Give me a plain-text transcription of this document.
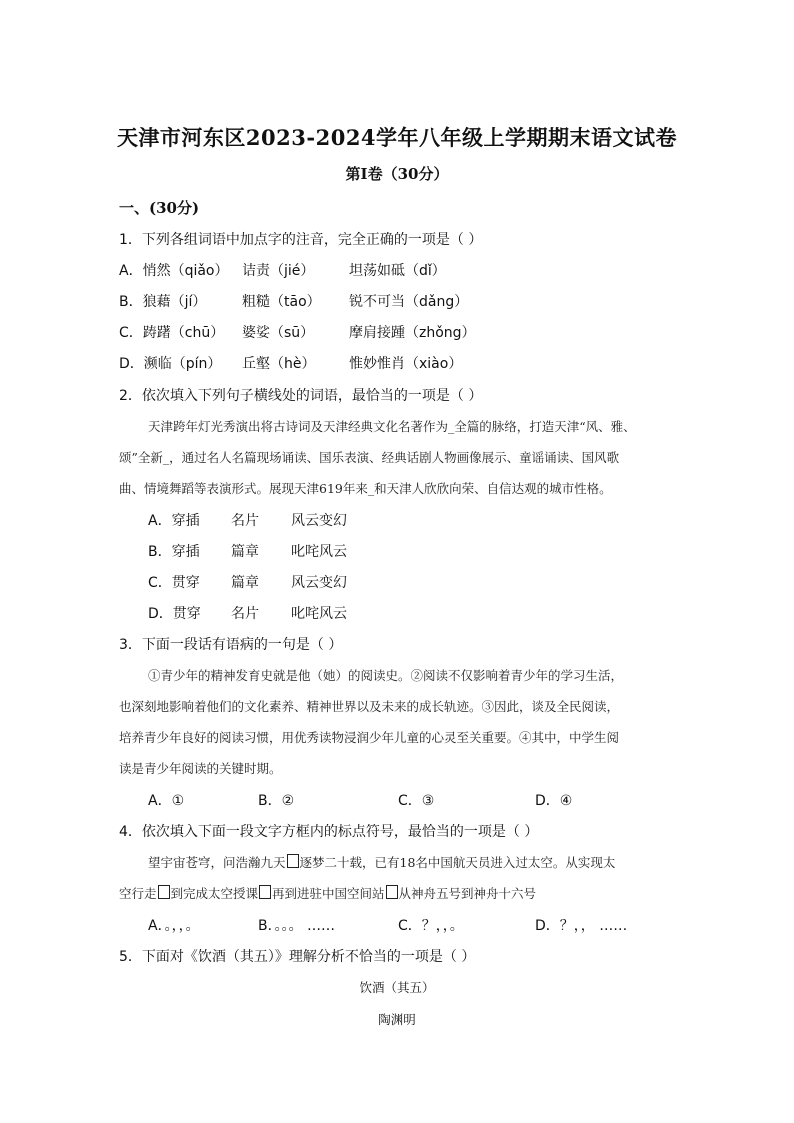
天津市河东区2023-2024学年八年级上学期期末语文试卷
第Ⅰ卷（30分）
一、(30分)
1．下列各组词语中加点字的注音，完全正确的一项是（ ）
A．悄然（qiǎo） 诘责（jié） 坦荡如砥（dǐ）
B．狼藉（jí）	粗糙（tāo） 锐不可当（dǎng）
C．踌躇（chū） 婆娑（sū） 摩肩接踵（zhǒng）
D．濒临（pín） 丘壑（hè） 惟妙惟肖（xiào）
2．依次填入下列句子横线处的词语，最恰当的一项是（ ）
天津跨年灯光秀演出将古诗词及天津经典文化名著作为_全篇的脉络，打造天津“风、雅、
颂”全新_，通过名人名篇现场诵读、国乐表演、经典话剧人物画像展示、童谣诵读、国风歌
曲、情境舞蹈等表演形式。展现天津619年来_和天津人欣欣向荣、自信达观的城市性格。
A．穿插 名片 风云变幻
B．穿插 篇章 叱咤风云
C．贯穿 篇章 风云变幻
D．贯穿 名片 叱咤风云
3．下面一段话有语病的一句是（ ）
①青少年的精神发育史就是他（她）的阅读史。②阅读不仅影响着青少年的学习生活，
也深刻地影响着他们的文化素养、精神世界以及未来的成长轨迹。③因此，谈及全民阅读，
培养青少年良好的阅读习惯，用优秀读物浸润少年儿童的心灵至关重要。④其中，中学生阅
读是青少年阅读的关键时期。
A．①	B．②	C．③	D．④
4．依次填入下面一段文字方框内的标点符号，最恰当的一项是（ ）
望宇宙苍穹，问浩瀚九天 逐梦二十载，已有18名中国航天员进入过太空。从实现太
空行走 到完成太空授课 再到进驻中国空间站 从神舟五号到神舟十六号
A．。，，。	B．。。。 ……	C．？，，。	D．？，， ……
5．下面对《饮酒（其五）》理解分析不恰当的一项是（ ）
饮酒（其五）
陶渊明
